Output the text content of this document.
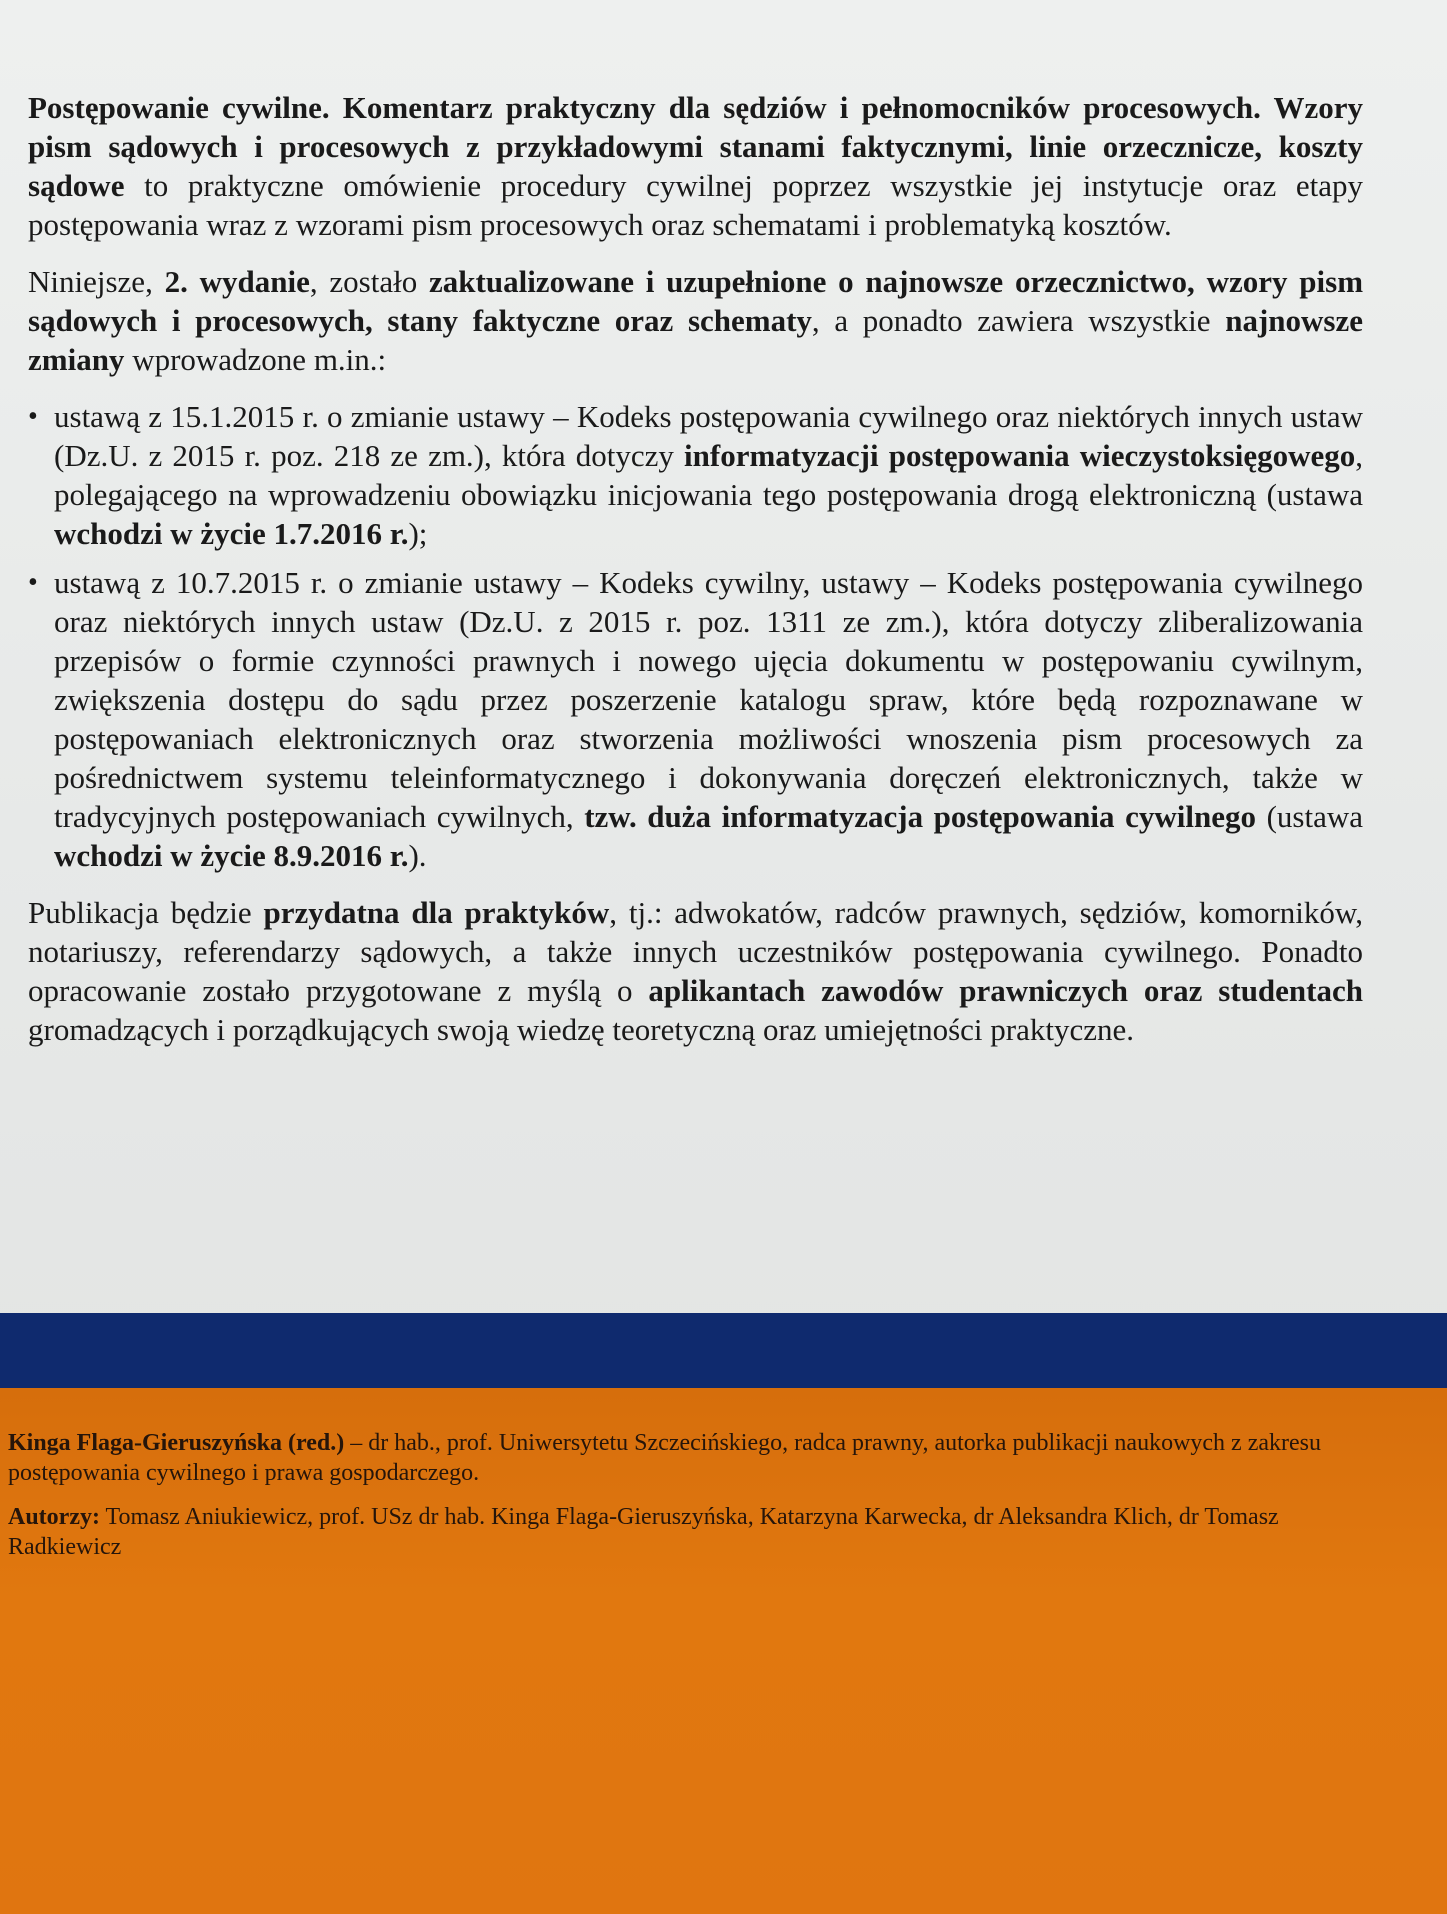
Postępowanie cywilne. Komentarz praktyczny dla sędziów i pełnomocników procesowych. Wzory pism sądowych i procesowych z przykładowymi stanami faktycznymi, linie orzecznicze, koszty sądowe to praktyczne omówienie procedury cywilnej poprzez wszystkie jej instytucje oraz etapy postępowania wraz z wzorami pism procesowych oraz schematami i problematyką kosztów.

Niniejsze, 2. wydanie, zostało zaktualizowane i uzupełnione o najnowsze orzecznictwo, wzory pism sądowych i procesowych, stany faktyczne oraz schematy, a ponadto zawiera wszystkie najnowsze zmiany wprowadzone m.in.:

• ustawą z 15.1.2015 r. o zmianie ustawy – Kodeks postępowania cywilnego oraz niektórych innych ustaw (Dz.U. z 2015 r. poz. 218 ze zm.), która dotyczy informatyzacji postępowania wieczystoksięgowego, polegającego na wprowadzeniu obowiązku inicjowania tego postępowania drogą elektroniczną (ustawa wchodzi w życie 1.7.2016 r.);
• ustawą z 10.7.2015 r. o zmianie ustawy – Kodeks cywilny, ustawy – Kodeks postępowania cywilnego oraz niektórych innych ustaw (Dz.U. z 2015 r. poz. 1311 ze zm.), która dotyczy zliberalizowania przepisów o formie czynności prawnych i nowego ujęcia dokumentu w postępowaniu cywilnym, zwiększenia dostępu do sądu przez poszerzenie katalogu spraw, które będą rozpoznawane w postępowaniach elektronicznych oraz stworzenia możliwości wnoszenia pism procesowych za pośrednictwem systemu teleinformatycznego i dokonywania doręczeń elektronicznych, także w tradycyjnych postępowaniach cywilnych, tzw. duża informatyzacja postępowania cywilnego (ustawa wchodzi w życie 8.9.2016 r.).

Publikacja będzie przydatna dla praktyków, tj.: adwokatów, radców prawnych, sędziów, komorników, notariuszy, referendarzy sądowych, a także innych uczestników postępowania cywilnego. Ponadto opracowanie zostało przygotowane z myślą o aplikantach zawodów prawniczych oraz studentach gromadzących i porządkujących swoją wiedzę teoretyczną oraz umiejętności praktyczne.

Kinga Flaga-Gieruszyńska (red.) – dr hab., prof. Uniwersytetu Szczecińskiego, radca prawny, autorka publikacji naukowych z zakresu postępowania cywilnego i prawa gospodarczego.

Autorzy: Tomasz Aniukiewicz, prof. USz dr hab. Kinga Flaga-Gieruszyńska, Katarzyna Karwecka, dr Aleksandra Klich, dr Tomasz Radkiewicz
